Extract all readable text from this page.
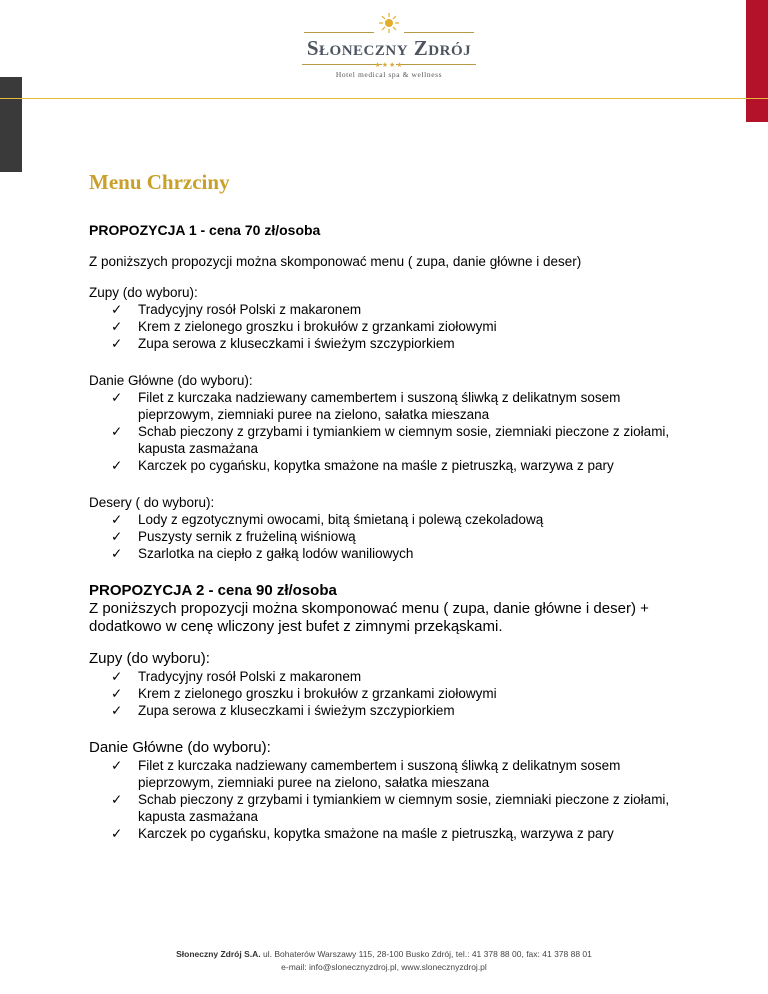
Słoneczny Zdrój
★★★★
Hotel medical spa & wellness
Menu Chrzciny

PROPOZYCJA 1 - cena 70 zł/osoba

Z poniższych propozycji można skomponować menu ( zupa, danie główne i deser)

Zupy (do wyboru):

✓	Tradycyjny rosół Polski z makaronem
✓	Krem z zielonego groszku i brokułów z grzankami ziołowymi
✓	Zupa serowa z kluseczkami i świeżym szczypiorkiem

Danie Główne (do wyboru):

✓	Filet z kurczaka nadziewany camembertem i suszoną śliwką z delikatnym sosem pieprzowym, ziemniaki puree na zielono, sałatka mieszana
✓	Schab pieczony z grzybami i tymiankiem w ciemnym sosie, ziemniaki pieczone z ziołami, kapusta zasmażana
✓	Karczek po cygańsku, kopytka smażone na maśle z pietruszką, warzywa z pary

Desery ( do wyboru):

✓	Lody z egzotycznymi owocami, bitą śmietaną i polewą czekoladową
✓	Puszysty sernik z frużeliną wiśniową
✓	Szarlotka na ciepło z gałką lodów waniliowych

PROPOZYCJA 2 - cena 90 zł/osoba

Z poniższych propozycji można skomponować menu ( zupa, danie główne i deser) + dodatkowo w cenę wliczony jest bufet z zimnymi przekąskami.

Zupy (do wyboru):

✓	Tradycyjny rosół Polski z makaronem
✓	Krem z zielonego groszku i brokułów z grzankami ziołowymi
✓	Zupa serowa z kluseczkami i świeżym szczypiorkiem

Danie Główne (do wyboru):

✓	Filet z kurczaka nadziewany camembertem i suszoną śliwką z delikatnym sosem pieprzowym, ziemniaki puree na zielono, sałatka mieszana
✓	Schab pieczony z grzybami i tymiankiem w ciemnym sosie, ziemniaki pieczone z ziołami, kapusta zasmażana
✓	Karczek po cygańsku, kopytka smażone na maśle z pietruszką, warzywa z pary
Słoneczny Zdrój S.A. ul. Bohaterów Warszawy 115, 28-100 Busko Zdrój, tel.: 41 378 88 00, fax: 41 378 88 01
e-mail: info@slonecznyzdroj.pl, www.slonecznyzdroj.pl
